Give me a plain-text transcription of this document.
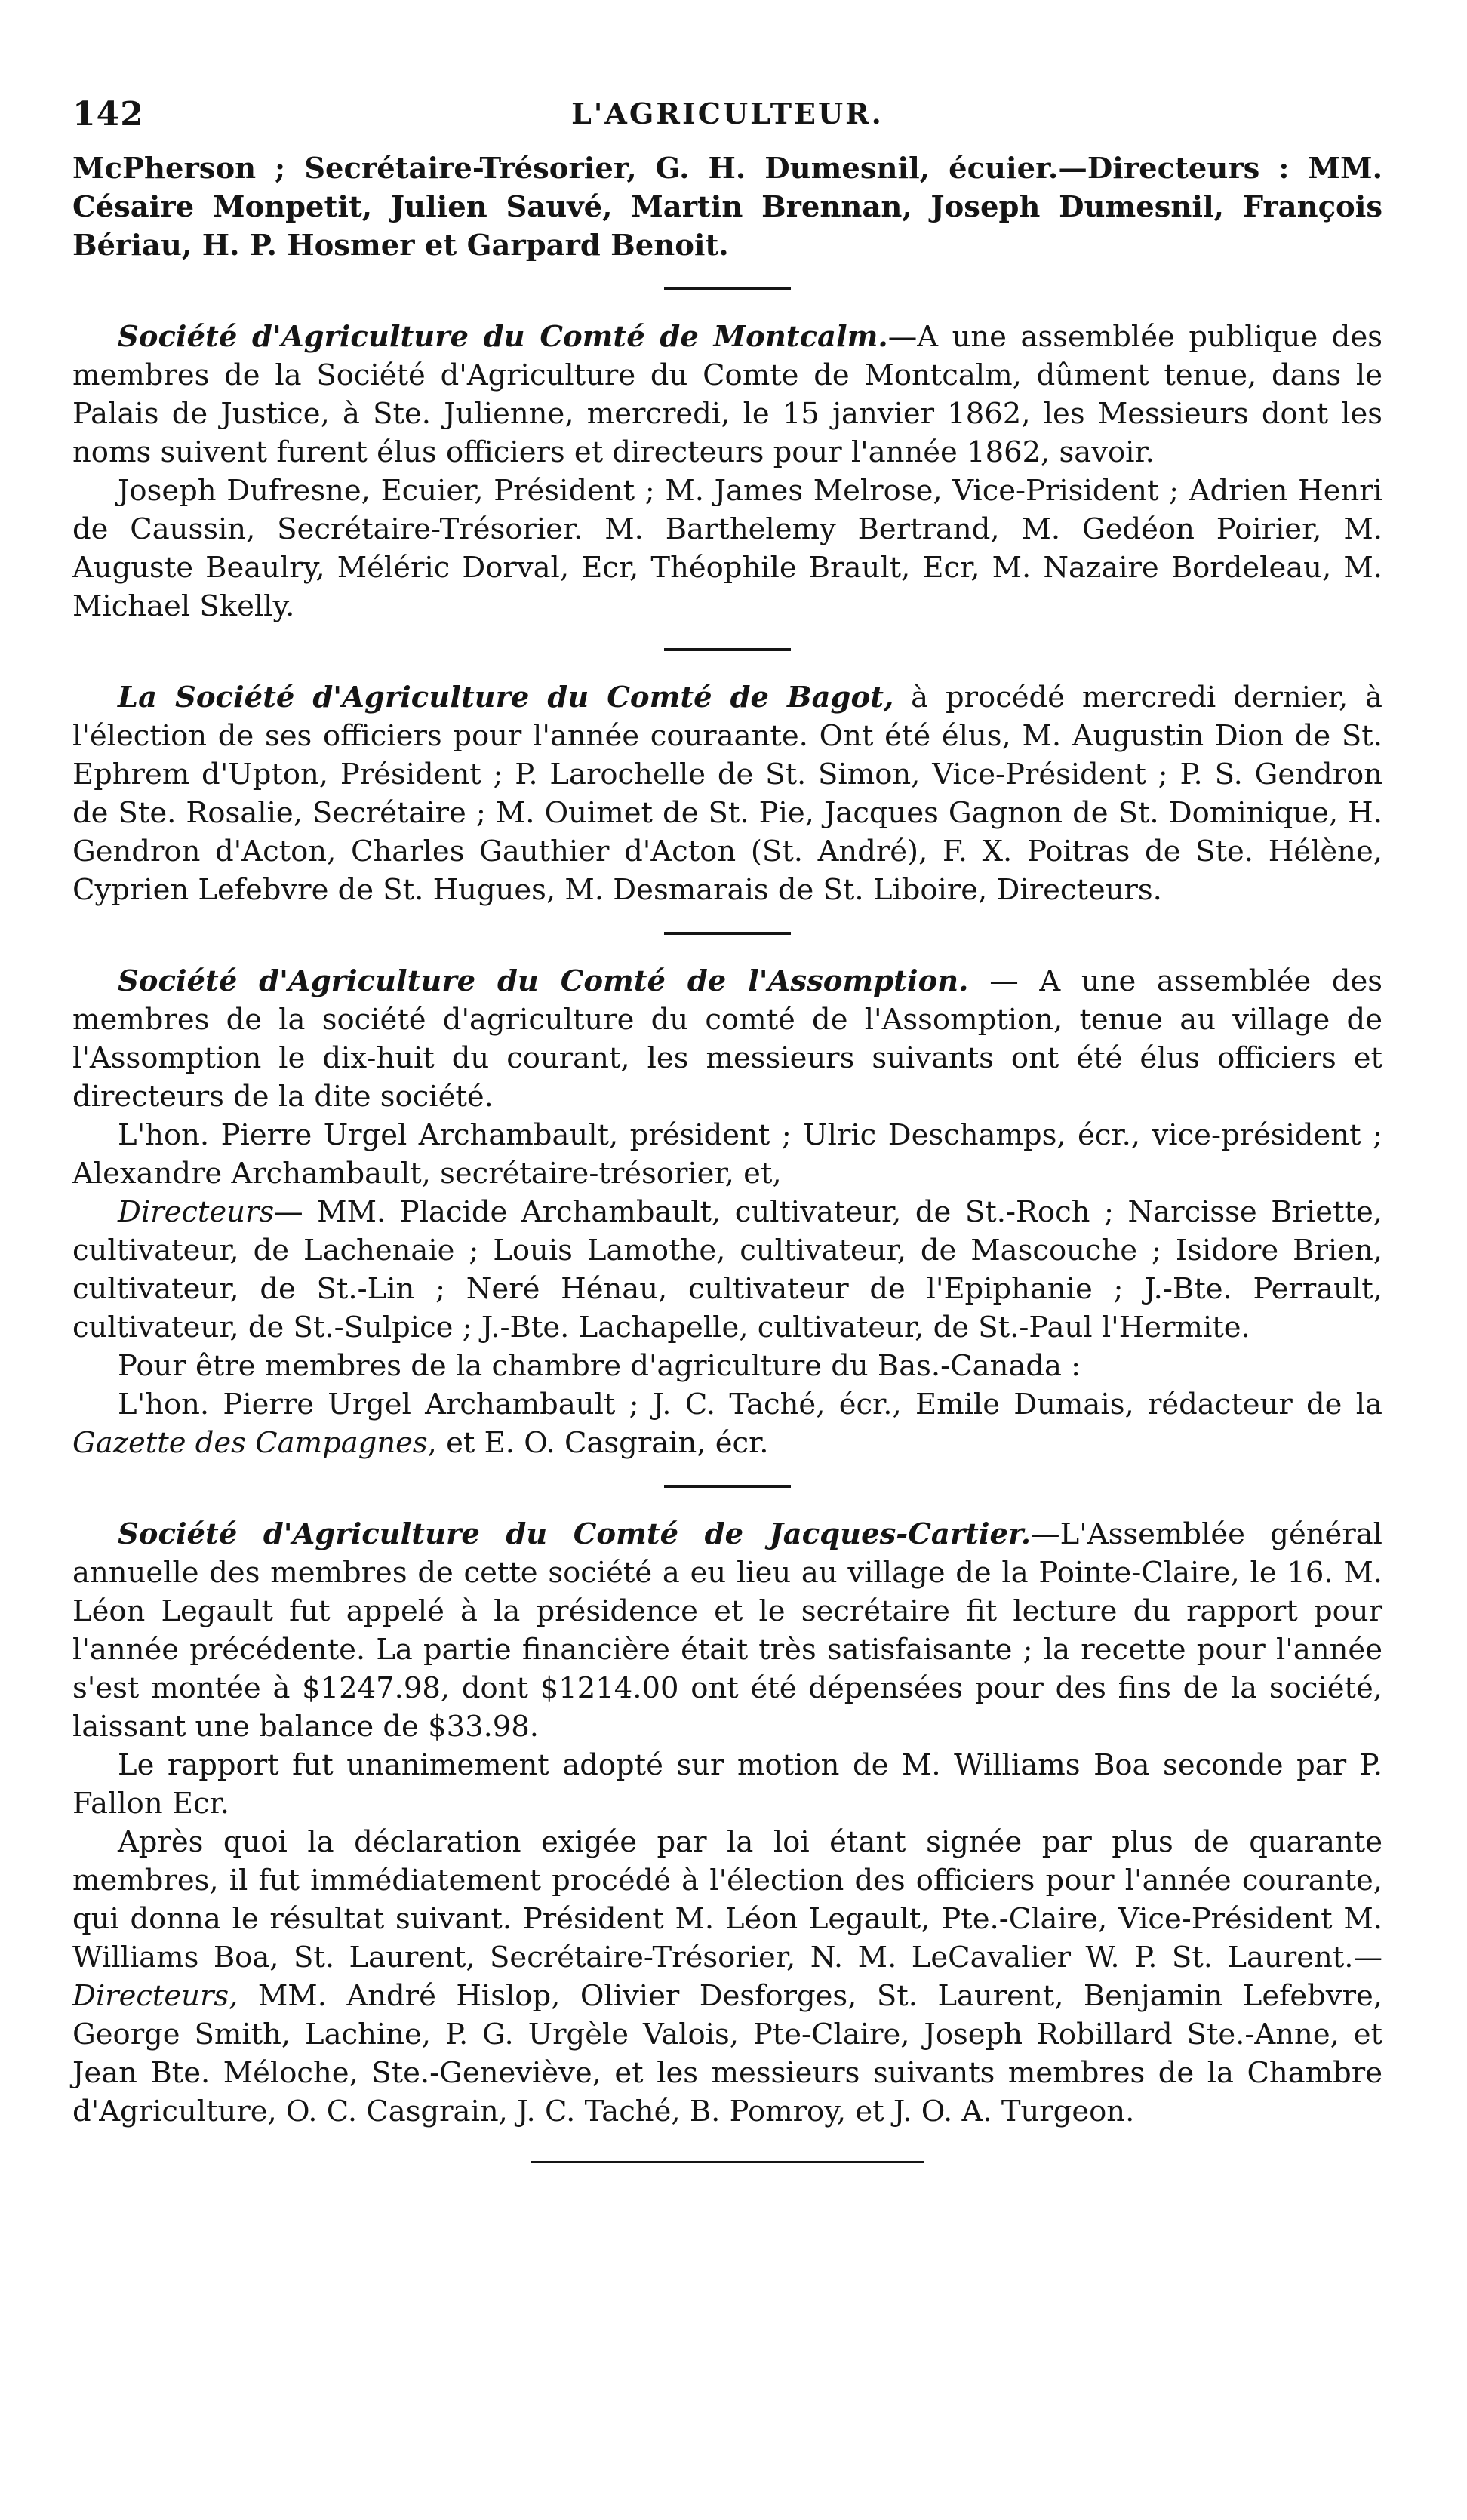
142	L'AGRICULTEUR.

McPherson ; Secrétaire-Trésorier, G. H. Dumesnil, écuier.—Directeurs : MM. Césaire Monpetit, Julien Sauvé, Martin Brennan, Joseph Dumesnil, François Bériau, H. P. Hosmer et Garpard Benoit.

Société d'Agriculture du Comté de Montcalm.—A une assemblée publique des membres de la Société d'Agriculture du Comte de Montcalm, dûment tenue, dans le Palais de Justice, à Ste. Julienne, mercredi, le 15 janvier 1862, les Messieurs dont les noms suivent furent élus officiers et directeurs pour l'année 1862, savoir.

Joseph Dufresne, Ecuier, Président ; M. James Melrose, Vice-Prisident ; Adrien Henri de Caussin, Secrétaire-Trésorier. M. Barthelemy Bertrand, M. Gedéon Poirier, M. Auguste Beaulry, Méléric Dorval, Ecr, Théophile Brault, Ecr, M. Nazaire Bordeleau, M. Michael Skelly.

La Société d'Agriculture du Comté de Bagot, à procédé mercredi dernier, à l'élection de ses officiers pour l'année couraante. Ont été élus, M. Augustin Dion de St. Ephrem d'Upton, Président ; P. Larochelle de St. Simon, Vice-Président ; P. S. Gendron de Ste. Rosalie, Secrétaire ; M. Ouimet de St. Pie, Jacques Gagnon de St. Dominique, H. Gendron d'Acton, Charles Gauthier d'Acton (St. André), F. X. Poitras de Ste. Hélène, Cyprien Lefebvre de St. Hugues, M. Desmarais de St. Liboire, Directeurs.

Société d'Agriculture du Comté de l'Assomption. — A une assemblée des membres de la société d'agriculture du comté de l'Assomption, tenue au village de l'Assomption le dix-huit du courant, les messieurs suivants ont été élus officiers et directeurs de la dite société.

L'hon. Pierre Urgel Archambault, président ; Ulric Deschamps, écr., vice-président ; Alexandre Archambault, secrétaire-trésorier, et,

Directeurs— MM. Placide Archambault, cultivateur, de St.-Roch ; Narcisse Briette, cultivateur, de Lachenaie ; Louis Lamothe, cultivateur, de Mascouche ; Isidore Brien, cultivateur, de St.-Lin ; Neré Hénau, cultivateur de l'Epiphanie ; J.-Bte. Perrault, cultivateur, de St.-Sulpice ; J.-Bte. Lachapelle, cultivateur, de St.-Paul l'Hermite.

Pour être membres de la chambre d'agriculture du Bas.-Canada :

L'hon. Pierre Urgel Archambault ; J. C. Taché, écr., Emile Dumais, rédacteur de la Gazette des Campagnes, et E. O. Casgrain, écr.

Société d'Agriculture du Comté de Jacques-Cartier.—L'Assemblée général annuelle des membres de cette société a eu lieu au village de la Pointe-Claire, le 16. M. Léon Legault fut appelé à la présidence et le secrétaire fit lecture du rapport pour l'année précédente. La partie financière était très satisfaisante ; la recette pour l'année s'est montée à $1247.98, dont $1214.00 ont été dépensées pour des fins de la société, laissant une balance de $33.98.

Le rapport fut unanimement adopté sur motion de M. Williams Boa seconde par P. Fallon Ecr.

Après quoi la déclaration exigée par la loi étant signée par plus de quarante membres, il fut immédiatement procédé à l'élection des officiers pour l'année courante, qui donna le résultat suivant. Président M. Léon Legault, Pte.-Claire, Vice-Président M. Williams Boa, St. Laurent, Secrétaire-Trésorier, N. M. LeCavalier W. P. St. Laurent.—Directeurs, MM. André Hislop, Olivier Desforges, St. Laurent, Benjamin Lefebvre, George Smith, Lachine, P. G. Urgèle Valois, Pte-Claire, Joseph Robillard Ste.-Anne, et Jean Bte. Méloche, Ste.-Geneviève, et les messieurs suivants membres de la Chambre d'Agriculture, O. C. Casgrain, J. C. Taché, B. Pomroy, et J. O. A. Turgeon.
